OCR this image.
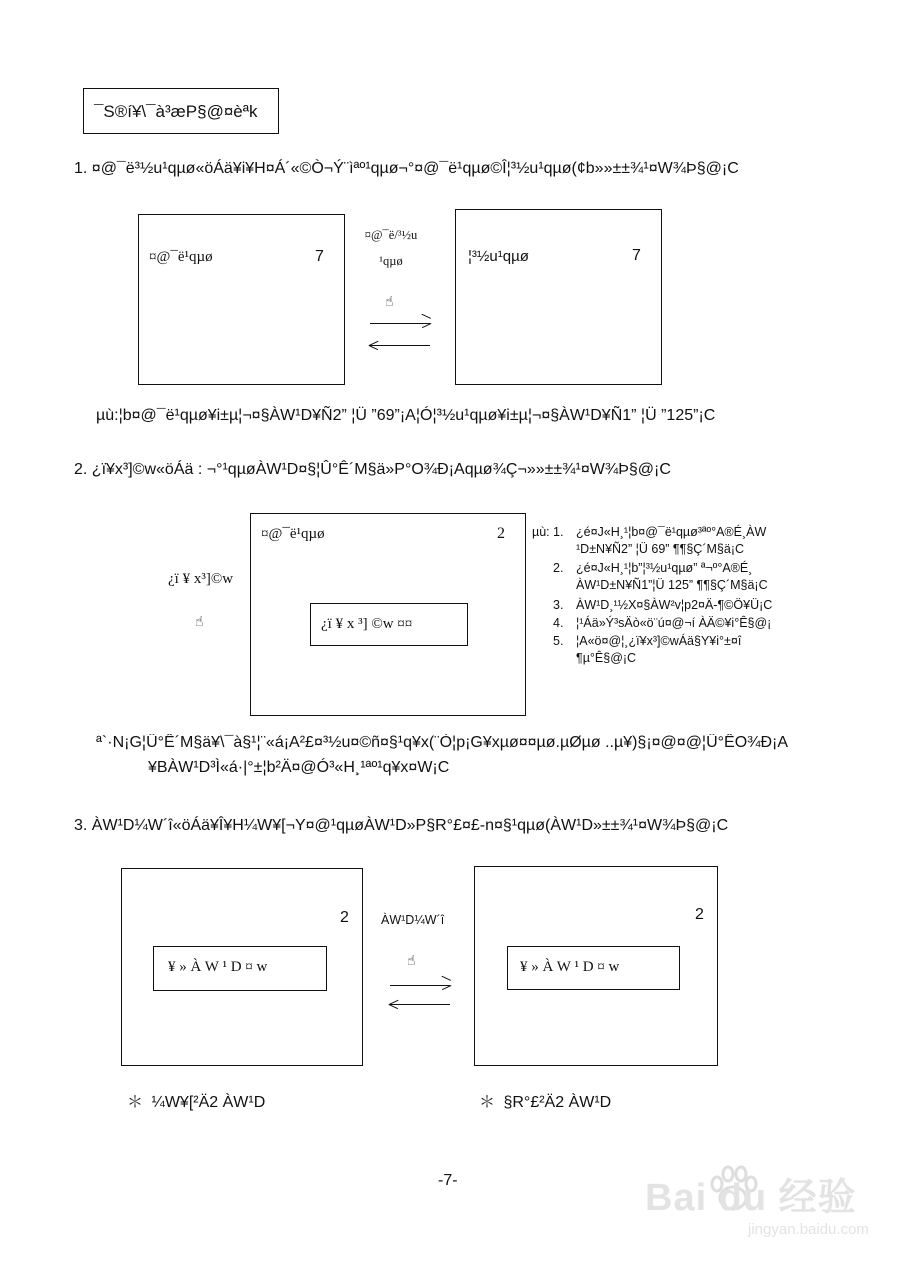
¯S®í¥\¯à³æP§@¤èªk
1. ¤@¯ë³½u¹qµø«öÁä¥i¥H¤Á´«©Ò¬Ý¨ìªº¹qµø¬°¤@¯ë¹qµø©Î¦³½u¹qµø(¢b»»±±¾¹¤W¾Þ§@¡C
¤@¯ë¹qµø	7
¤@¯ë/³½u
¹qµø
☝
¦³½u¹qµø	7
µù:¦b¤@¯ë¹qµø¥i±µ¦¬¤§ÀW¹D¥Ñ2” ¦Ü ”69”¡A¦Ó¦³½u¹qµø¥i±µ¦¬¤§ÀW¹D¥Ñ1” ¦Ü ”125”¡C
2. ¿ï¥x³]©w«öÁä : ¬°¹qµøÀW¹D¤§¦Û°Ê´M§ä»P°O¾Ð¡Aqµø¾Ç¬»»±±¾¹¤W¾Þ§@¡C
¿ï ¥ x³]©w
☝
¤@¯ë¹qµø	2
¿ï ¥ x ³] ©w ¤¤
µù: 1. ¿é¤J«H¸¹¦b¤@¯ë¹qµø³ªº°A®É¸ÀW
¹D±N¥Ñ2” ¦Ü 69” ¶¶§Ç´M§ä¡C
2. ¿é¤J«H¸¹¦b”¦³½u¹qµø” ª¬º°A®É¸
ÀW¹D±N¥Ñ1”¦Ü 125” ¶¶§Ç´M§ä¡C
3. ÀW¹D¸¹½X¤§ÀW²v¦p2¤Ä-¶©Ö¥Ü¡C
4. ¦¹Áä»Ý³sÄò«ö¨ú¤@¬í ÀÄ©¥i°Ê§@¡
5. ¦A«ö¤@¦¸¿ï¥x³]©wÁä§Y¥i°±¤î
¶µ°Ê§@¡C
ª`·N¡G¦Û°Ê´M§ä¥\¯à§¹¦¨«á¡A²£¤³½u¤©ñ¤§¹q¥x(¨Ò¦p¡G¥xµø¤¤µø.µØµø ..µ¥)§¡¤@¤@¦Û°ÊO¾Ð¡A
¥BÀW¹D³Ì«á·|°±¦b²Ä¤@Ó³«H¸¹ªº¹q¥x¤W¡C
3. ÀW¹D¼W´î«öÁä¥Î¥H¼W¥[¬Y¤@¹qµøÀW¹D»P§R°£¤£-n¤§¹qµø(ÀW¹D»±±¾¹¤W¾Þ§@¡C
2
¥ » À W ¹ D ¤ w
ÀW¹D¼W´î
☝
2
¥ » À W ¹ D ¤ w
＊ ¼W¥[²Ä2 ÀW¹D	＊ §R°£²Ä2 ÀW¹D
-7-	Bai du 经验
jingyan.baidu.com
